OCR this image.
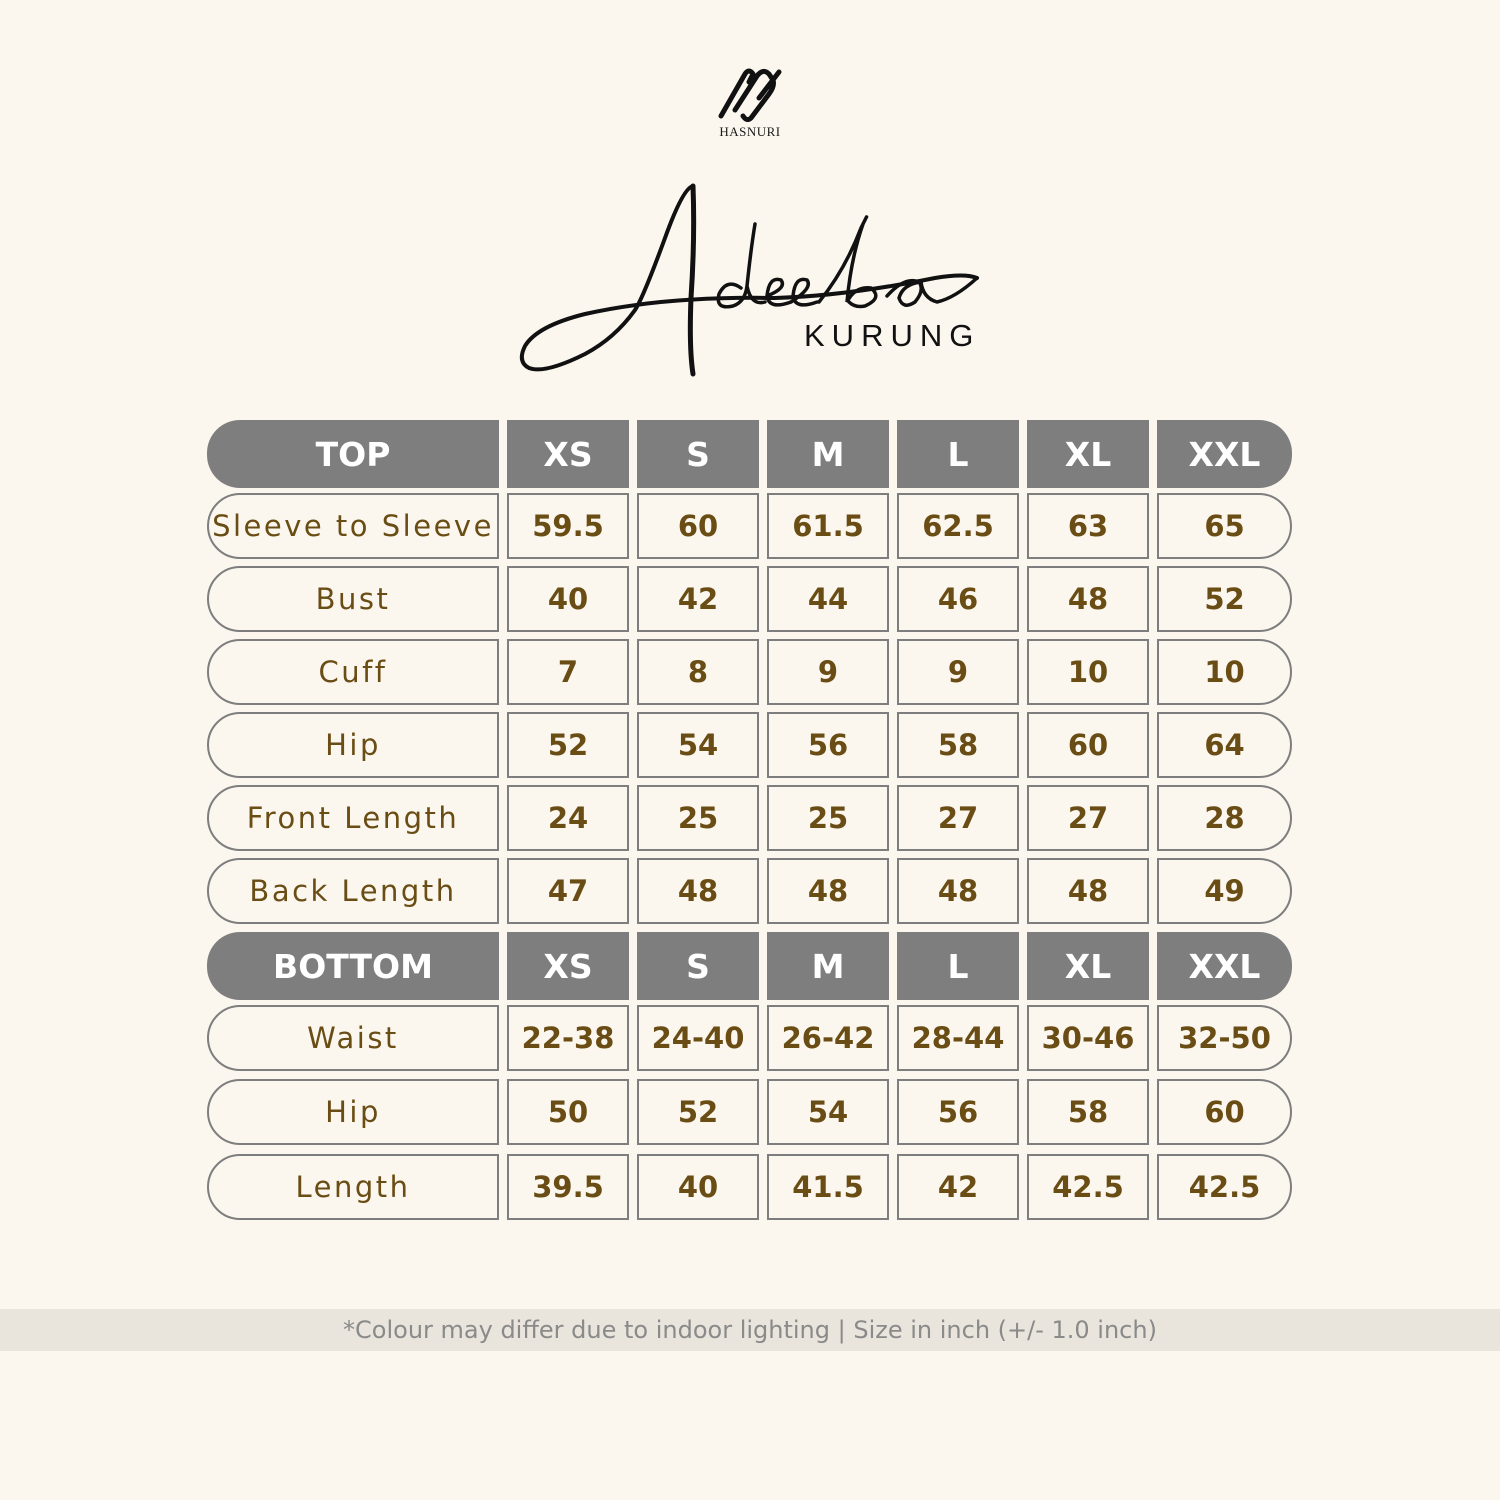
HASNURI
Adeeba
KURUNG
TOP	XS	S	M	L	XL	XXL
Sleeve to Sleeve	59.5	60	61.5	62.5	63	65
Bust	40	42	44	46	48	52
Cuff	7	8	9	9	10	10
Hip	52	54	56	58	60	64
Front Length	24	25	25	27	27	28
Back Length	47	48	48	48	48	49
BOTTOM	XS	S	M	L	XL	XXL
Waist	22-38	24-40	26-42	28-44	30-46	32-50
Hip	50	52	54	56	58	60
Length	39.5	40	41.5	42	42.5	42.5
*Colour may differ due to indoor lighting | Size in inch (+/- 1.0 inch)
